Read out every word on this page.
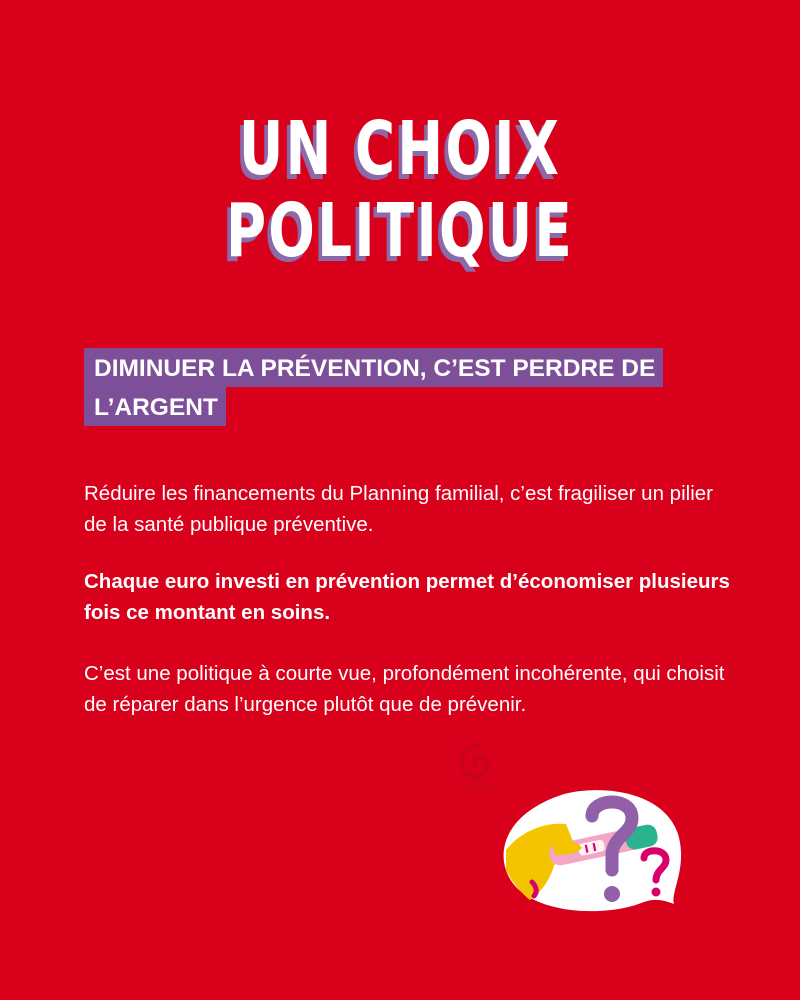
UN CHOIX
POLITIQUE

DIMINUER LA PRÉVENTION, C’EST PERDRE DE L’ARGENT

Réduire les financements du Planning familial, c’est fragiliser un pilier de la santé publique préventive.

Chaque euro investi en prévention permet d’économiser plusieurs fois ce montant en soins.

C’est une politique à courte vue, profondément incohérente, qui choisit de réparer dans l’urgence plutôt que de prévenir.
